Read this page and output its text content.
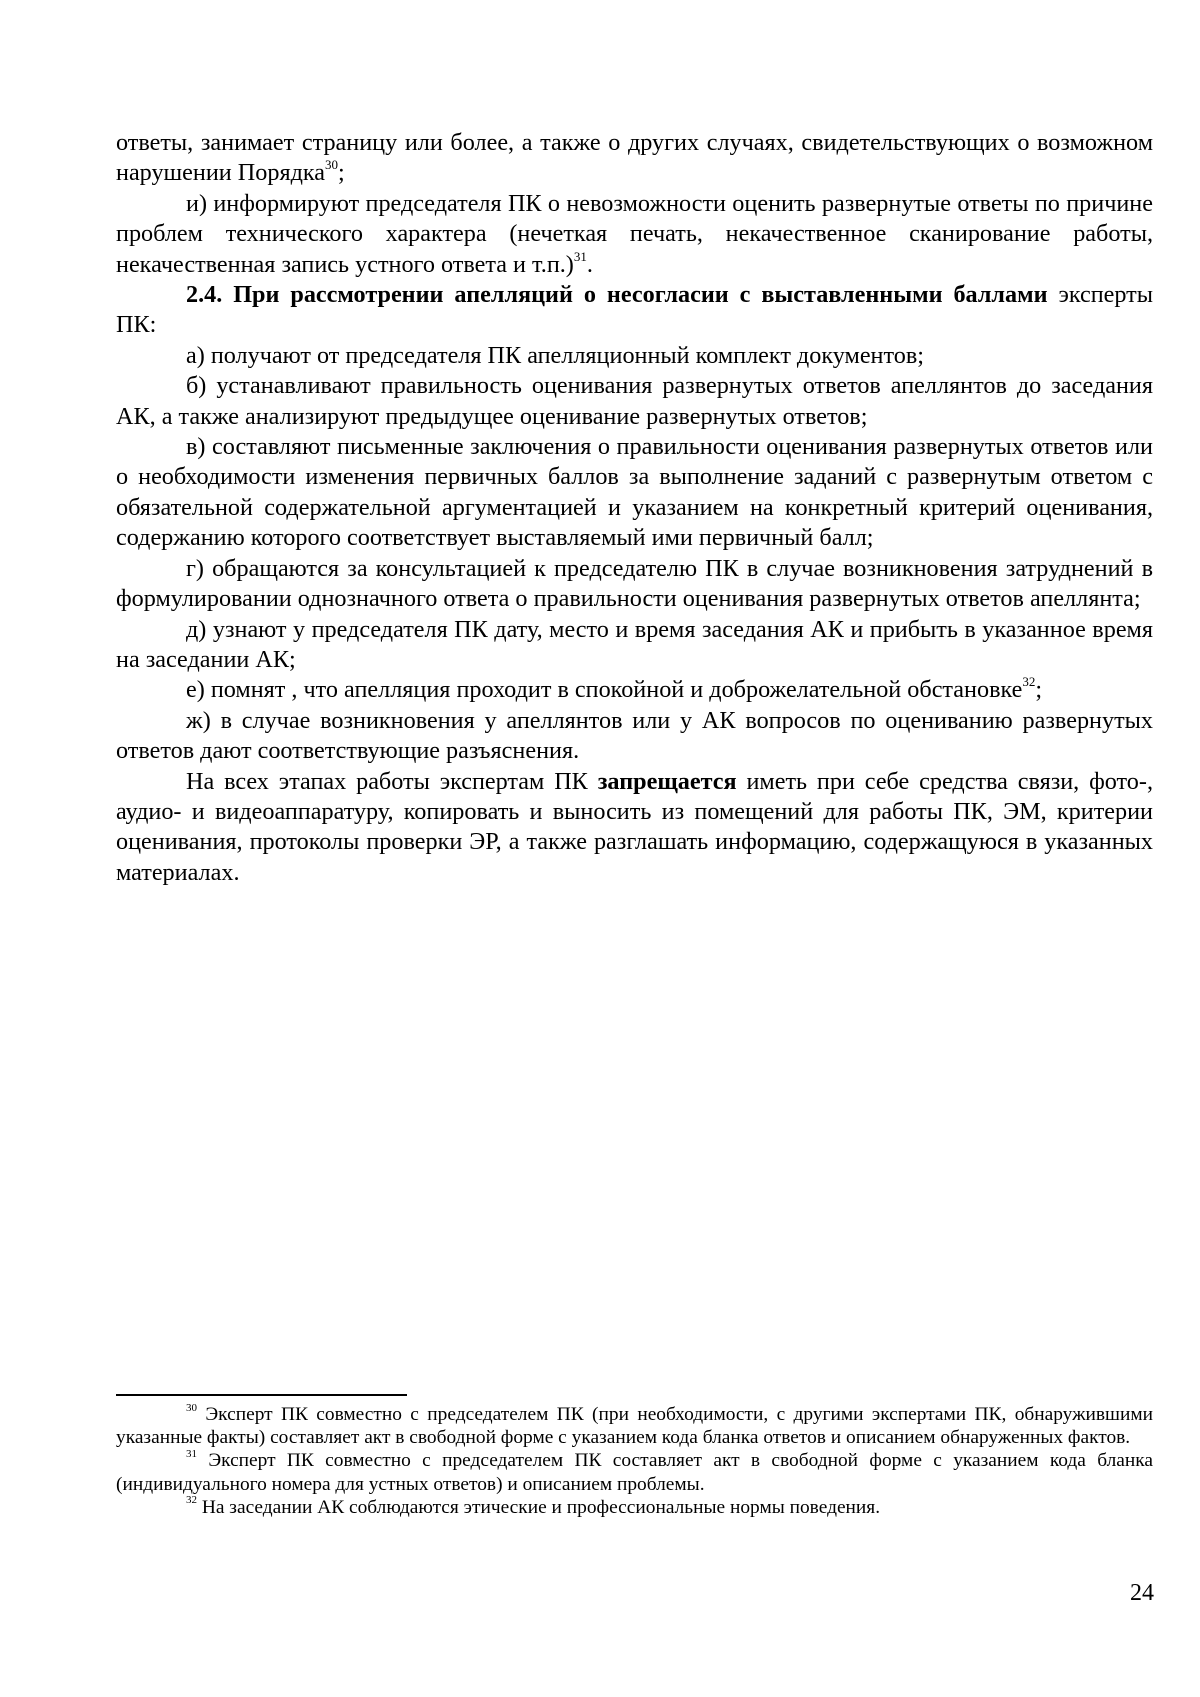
ответы, занимает страницу или более, а также о других случаях, свидетельствующих о возможном нарушении Порядка$^{30}$;

и) информируют председателя ПК о невозможности оценить развернутые ответы по причине проблем технического характера (нечеткая печать, некачественное сканирование работы, некачественная запись устного ответа и т.п.)$^{31}$.

2.4. При рассмотрении апелляций о несогласии с выставленными баллами эксперты ПК:

а) получают от председателя ПК апелляционный комплект документов;

б) устанавливают правильность оценивания развернутых ответов апеллянтов до заседания АК, а также анализируют предыдущее оценивание развернутых ответов;

в) составляют письменные заключения о правильности оценивания развернутых ответов или о необходимости изменения первичных баллов за выполнение заданий с развернутым ответом с обязательной содержательной аргументацией и указанием на конкретный критерий оценивания, содержанию которого соответствует выставляемый ими первичный балл;

г) обращаются за консультацией к председателю ПК в случае возникновения затруднений в формулировании однозначного ответа о правильности оценивания развернутых ответов апеллянта;

д) узнают у председателя ПК дату, место и время заседания АК и прибыть в указанное время на заседании АК;

е) помнят , что апелляция проходит в спокойной и доброжелательной обстановке$^{32}$;

ж) в случае возникновения у апеллянтов или у АК вопросов по оцениванию развернутых ответов дают соответствующие разъяснения.

На всех этапах работы экспертам ПК запрещается иметь при себе средства связи, фото-, аудио- и видеоаппаратуру, копировать и выносить из помещений для работы ПК, ЭМ, критерии оценивания, протоколы проверки ЭР, а также разглашать информацию, содержащуюся в указанных материалах.

$^{30}$ Эксперт ПК совместно с председателем ПК (при необходимости, с другими экспертами ПК, обнаружившими указанные факты) составляет акт в свободной форме с указанием кода бланка ответов и описанием обнаруженных фактов.

$^{31}$ Эксперт ПК совместно с председателем ПК составляет акт в свободной форме с указанием кода бланка (индивидуального номера для устных ответов) и описанием проблемы.

$^{32}$ На заседании АК соблюдаются этические и профессиональные нормы поведения.

24
